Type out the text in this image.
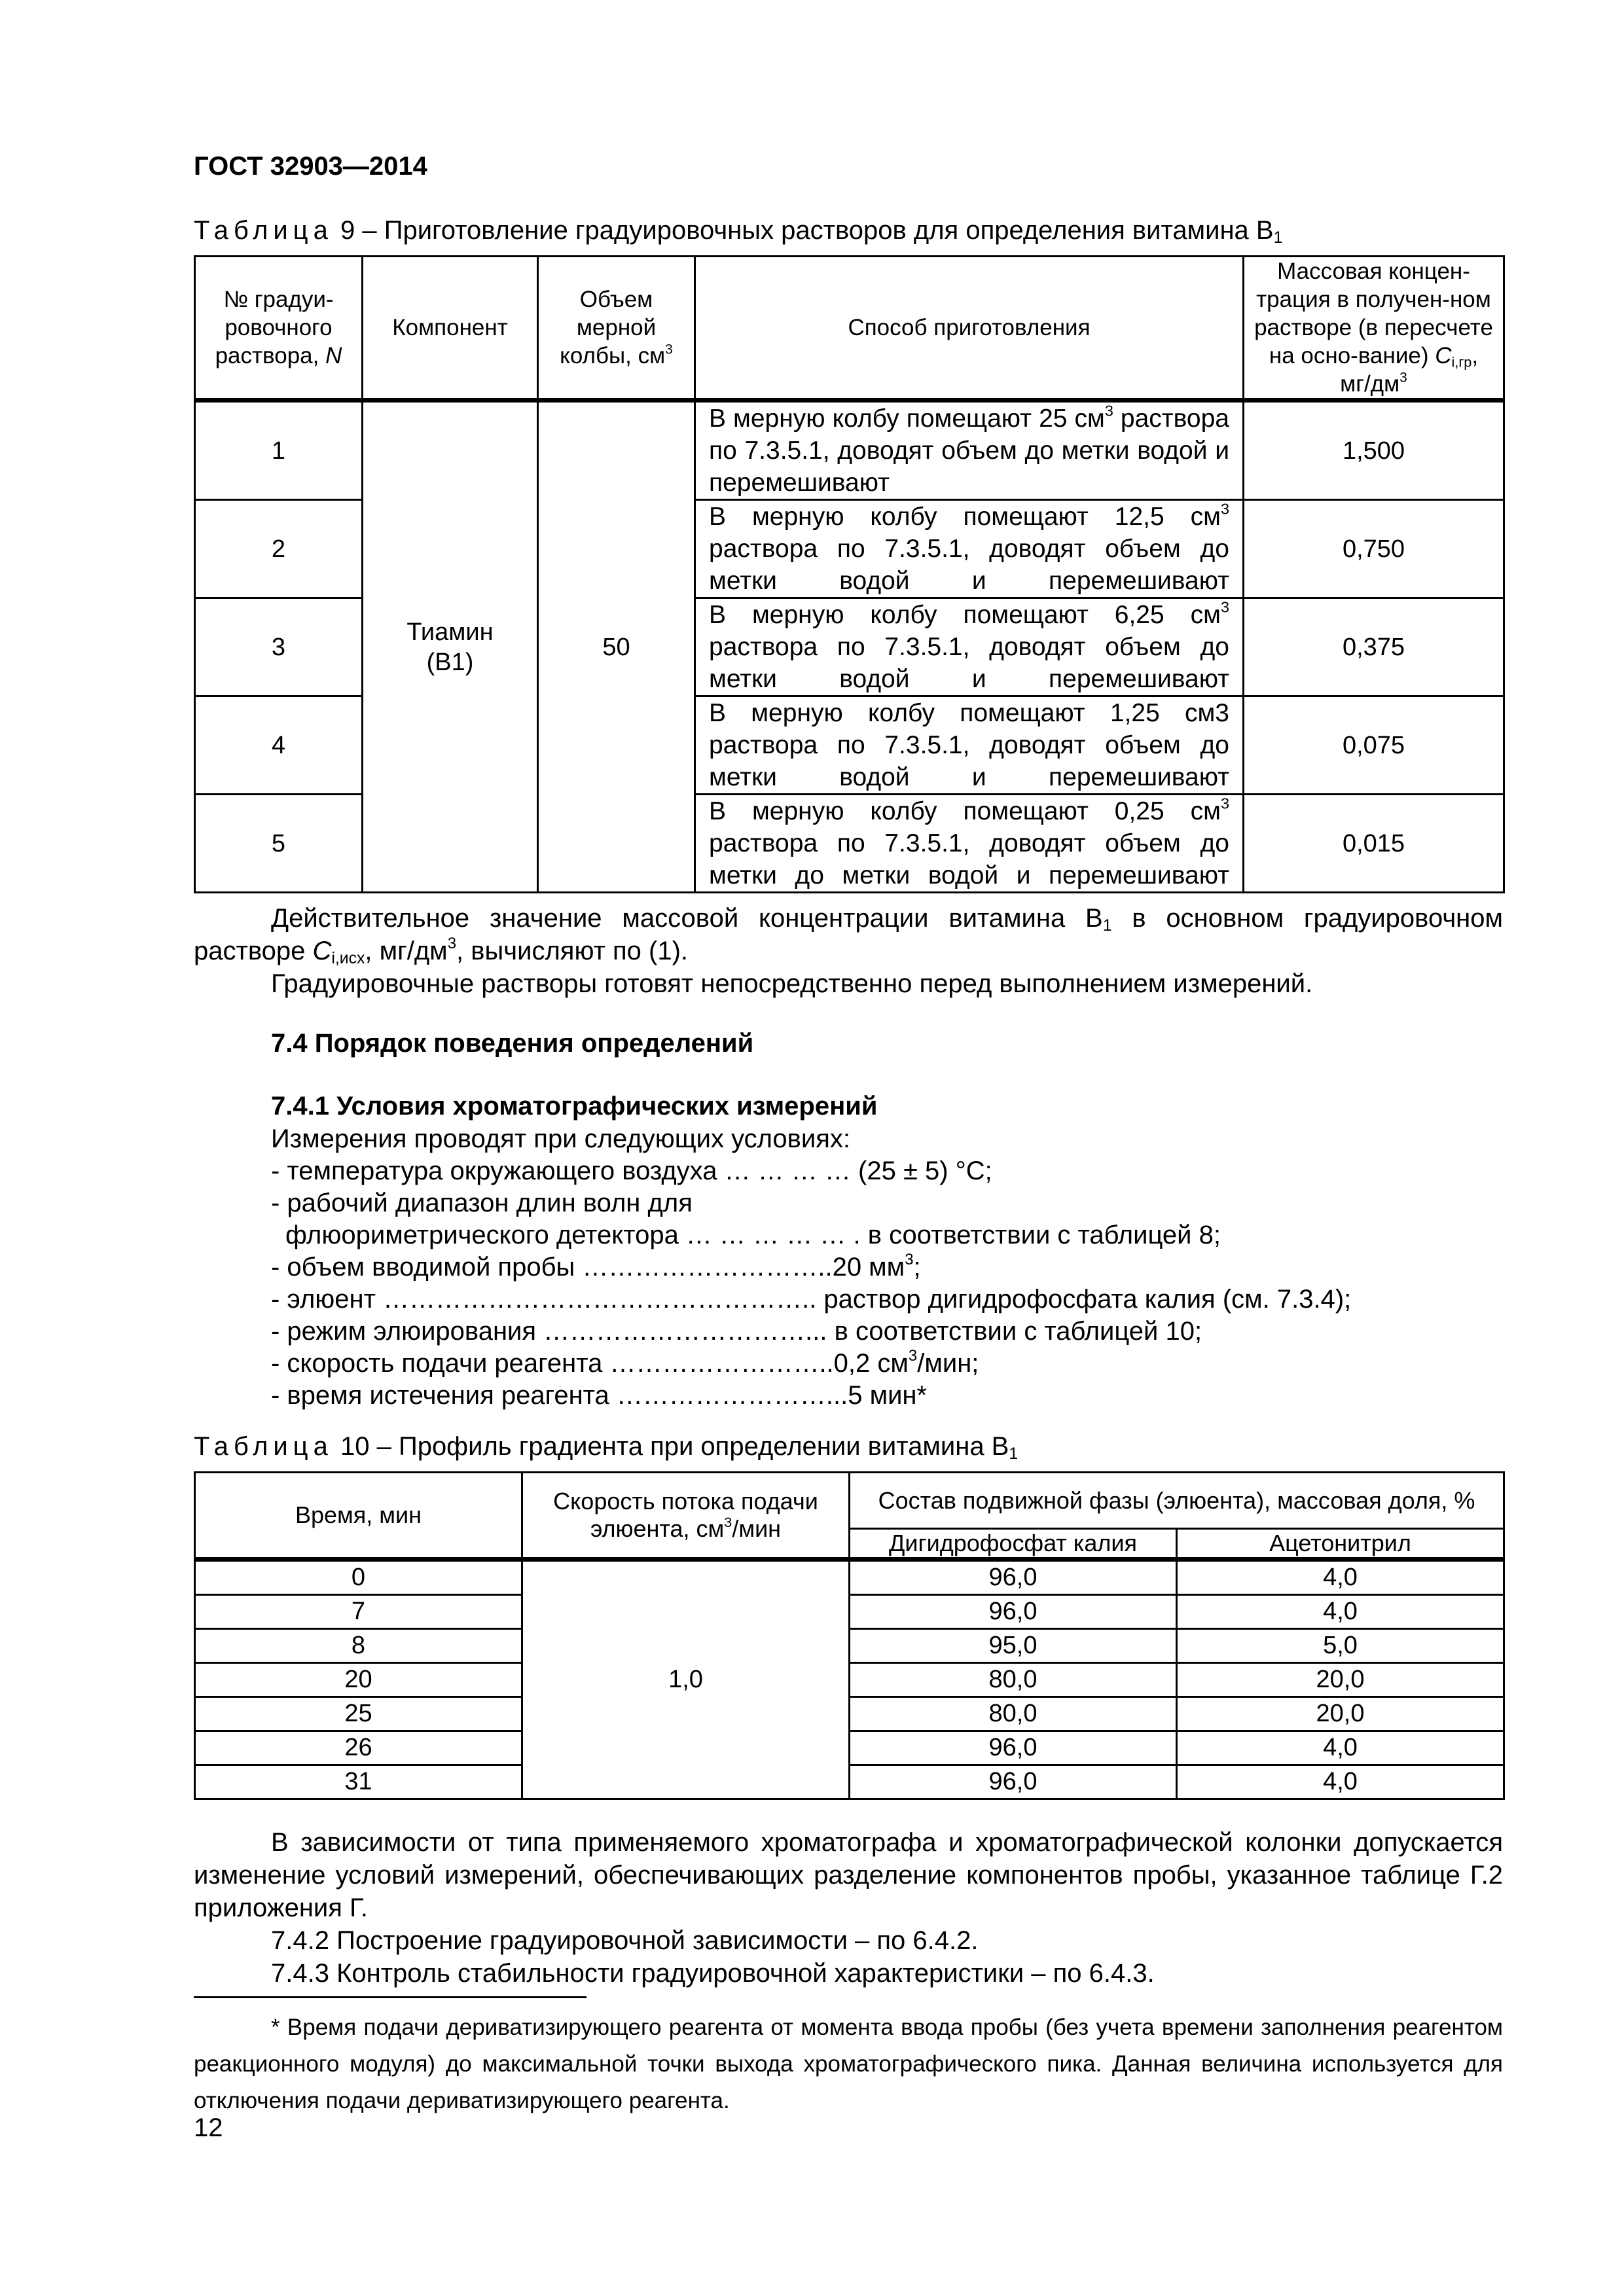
ГОСТ 32903—2014
Таблица 9 – Приготовление градуировочных растворов для определения витамина $B_1$
№ градуи-
ровочного
раствора, N	Компонент	Объем мерной колбы, $см^3$	Способ приготовления	Массовая концен-трация в получен-ном растворе (в пересчете на осно-вание) $C_{i,гр}$, $мг/дм^3$
1	Тиамин
(B1)	50	В мерную колбу помещают 25 $см^3$ раствора по 7.3.5.1, доводят объем до метки водой и перемешивают	1,500
2			В мерную колбу помещают 12,5 $см^3$ раствора по 7.3.5.1, доводят объем до метки водой и перемешивают	0,750
3			В мерную колбу помещают 6,25 $см^3$ раствора по 7.3.5.1, доводят объем до метки водой и перемешивают	0,375
4			В мерную колбу помещают 1,25 см3 раствора по 7.3.5.1, доводят объем до метки водой и перемешивают	0,075
5			В мерную колбу помещают 0,25 $см^3$ раствора по 7.3.5.1, доводят объем до метки до метки водой и перемешивают	0,015
Действительное значение массовой концентрации витамина $B_1$ в основном градуировочном растворе $C_{i,исх}$, $мг/дм^3$, вычисляют по (1).
Градуировочные растворы готовят непосредственно перед выполнением измерений.
7.4 Порядок поведения определений
7.4.1 Условия хроматографических измерений
Измерения проводят при следующих условиях:
- температура окружающего воздуха … … … … (25 ± 5) °С;
- рабочий диапазон длин волн для
флюориметрического детектора … … … … … . в соответствии с таблицей 8;
- объем вводимой пробы ………………………..20 $мм^3$;
- элюент ………………………………………….. раствор дигидрофосфата калия (см. 7.3.4);
- режим элюирования …………………………... в соответствии с таблицей 10;
- скорость подачи реагента ……………………..0,2 $см^3$/мин;
- время истечения реагента ……………………...5 мин*
Таблица 10 – Профиль градиента при определении витамина $B_1$
Время, мин	Скорость потока подачи элюента, $см^3$/мин	Состав подвижной фазы (элюента), массовая доля, %	
		Дигидрофосфат калия	Ацетонитрил
0	1,0	96,0	4,0
7		96,0	4,0
8		95,0	5,0
20		80,0	20,0
25		80,0	20,0
26		96,0	4,0
31		96,0	4,0
В зависимости от типа применяемого хроматографа и хроматографической колонки допускается изменение условий измерений, обеспечивающих разделение компонентов пробы, указанное таблице Г.2 приложения Г.
7.4.2 Построение градуировочной зависимости – по 6.4.2.
7.4.3 Контроль стабильности градуировочной характеристики – по 6.4.3.
* Время подачи дериватизирующего реагента от момента ввода пробы (без учета времени заполнения реагентом реакционного модуля) до максимальной точки выхода хроматографического пика. Данная величина используется для отключения подачи дериватизирующего реагента.
12
